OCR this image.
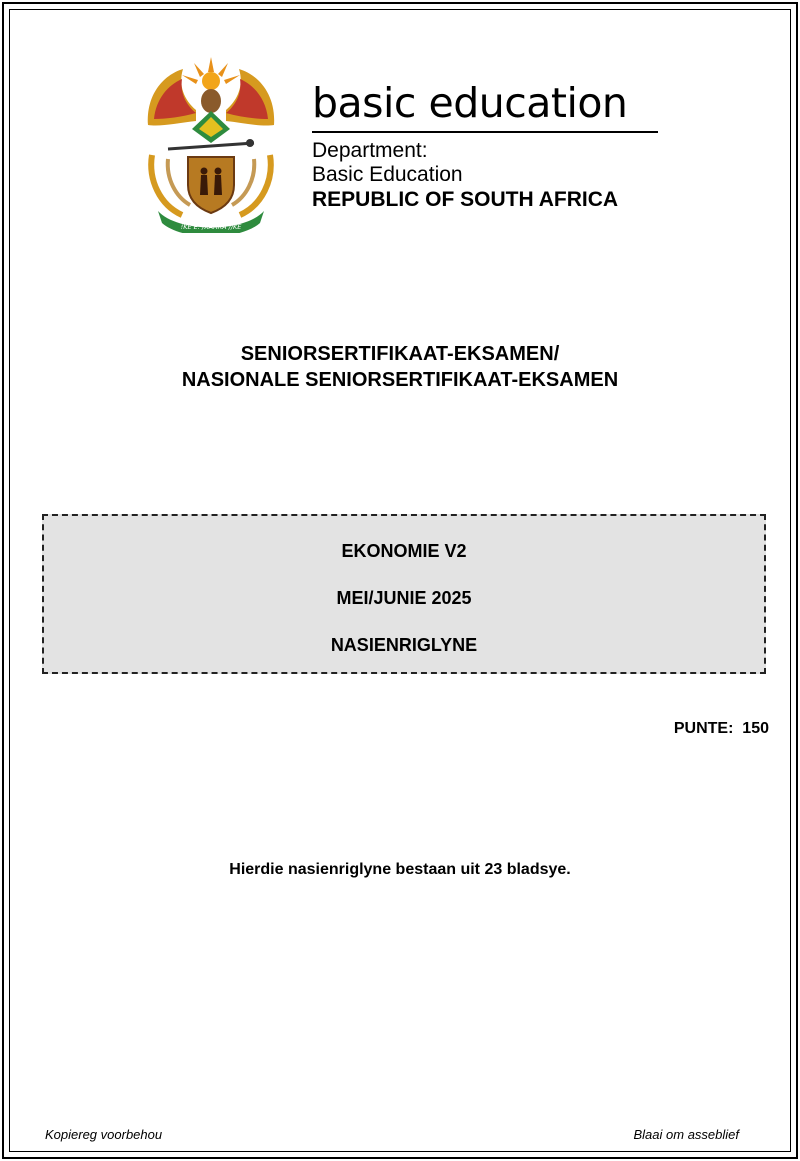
!KE E: /XARRA //KE
basic education
Department:
Basic Education
REPUBLIC OF SOUTH AFRICA
SENIORSERTIFIKAAT-EKSAMEN/
NASIONALE SENIORSERTIFIKAAT-EKSAMEN
EKONOMIE V2
MEI/JUNIE 2025
NASIENRIGLYNE
PUNTE:  150
Hierdie nasienriglyne bestaan uit 23 bladsye.
Kopiereg voorbehou	Blaai om asseblief
